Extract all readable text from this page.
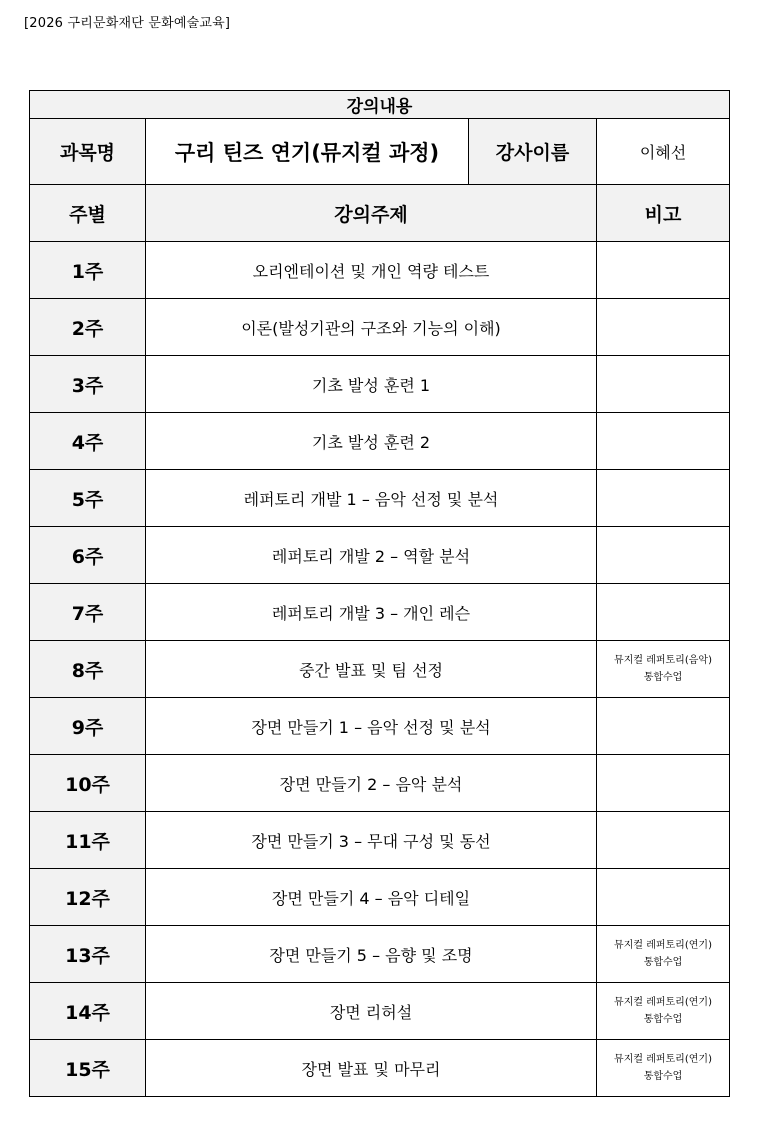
[2026 구리문화재단 문화예술교육]
강의내용			
과목명	구리 틴즈 연기(뮤지컬 과정)	강사이름	이혜선
주별	강의주제		비고
1주	오리엔테이션 및 개인 역량 테스트		
2주	이론(발성기관의 구조와 기능의 이해)		
3주	기초 발성 훈련 1		
4주	기초 발성 훈련 2		
5주	레퍼토리 개발 1 – 음악 선정 및 분석		
6주	레퍼토리 개발 2 – 역할 분석		
7주	레퍼토리 개발 3 – 개인 레슨		
8주	중간 발표 및 팀 선정		뮤지컬 레퍼토리(음악)
통합수업
9주	장면 만들기 1 – 음악 선정 및 분석		
10주	장면 만들기 2 – 음악 분석		
11주	장면 만들기 3 – 무대 구성 및 동선		
12주	장면 만들기 4 – 음악 디테일		
13주	장면 만들기 5 – 음향 및 조명		뮤지컬 레퍼토리(연기)
통합수업
14주	장면 리허설		뮤지컬 레퍼토리(연기)
통합수업
15주	장면 발표 및 마무리		뮤지컬 레퍼토리(연기)
통합수업
